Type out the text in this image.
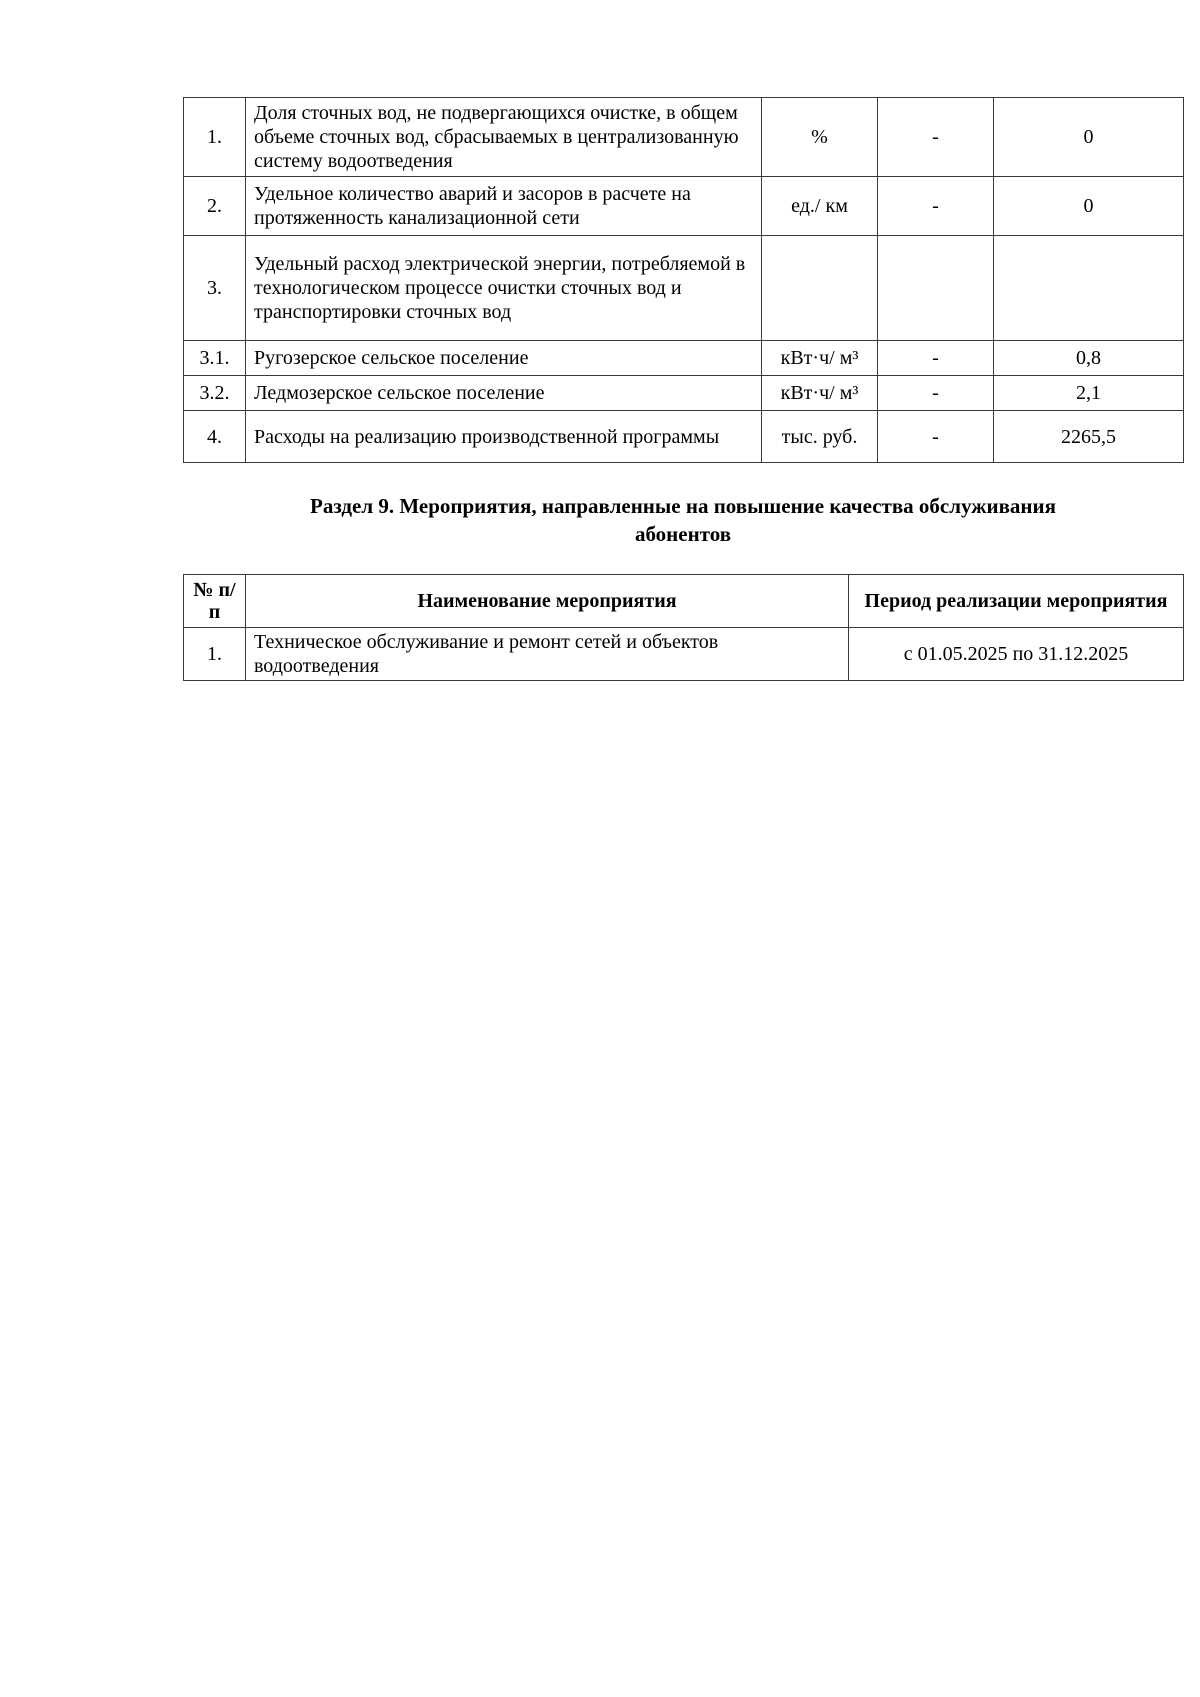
1.	Доля сточных вод, не подвергающихся очистке, в общем объеме сточных вод, сбрасываемых в централизованную систему водоотведения	%	-	0
2.	Удельное количество аварий и засоров в расчете на протяженность канализационной сети	ед./ км	-	0
3.	Удельный расход электрической энергии, потребляемой в технологическом процессе очистки сточных вод и транспортировки сточных вод			
3.1.	Ругозерское сельское поселение	кВт·ч/ м³	-	0,8
3.2.	Ледмозерское сельское поселение	кВт·ч/ м³	-	2,1
4.	Расходы на реализацию производственной программы	тыс. руб.	-	2265,5
Раздел 9. Мероприятия, направленные на повышение качества обслуживания
абонентов
№ п/п	Наименование мероприятия	Период реализации мероприятия
1.	Техническое обслуживание и ремонт сетей и объектов водоотведения	с 01.05.2025 по 31.12.2025
